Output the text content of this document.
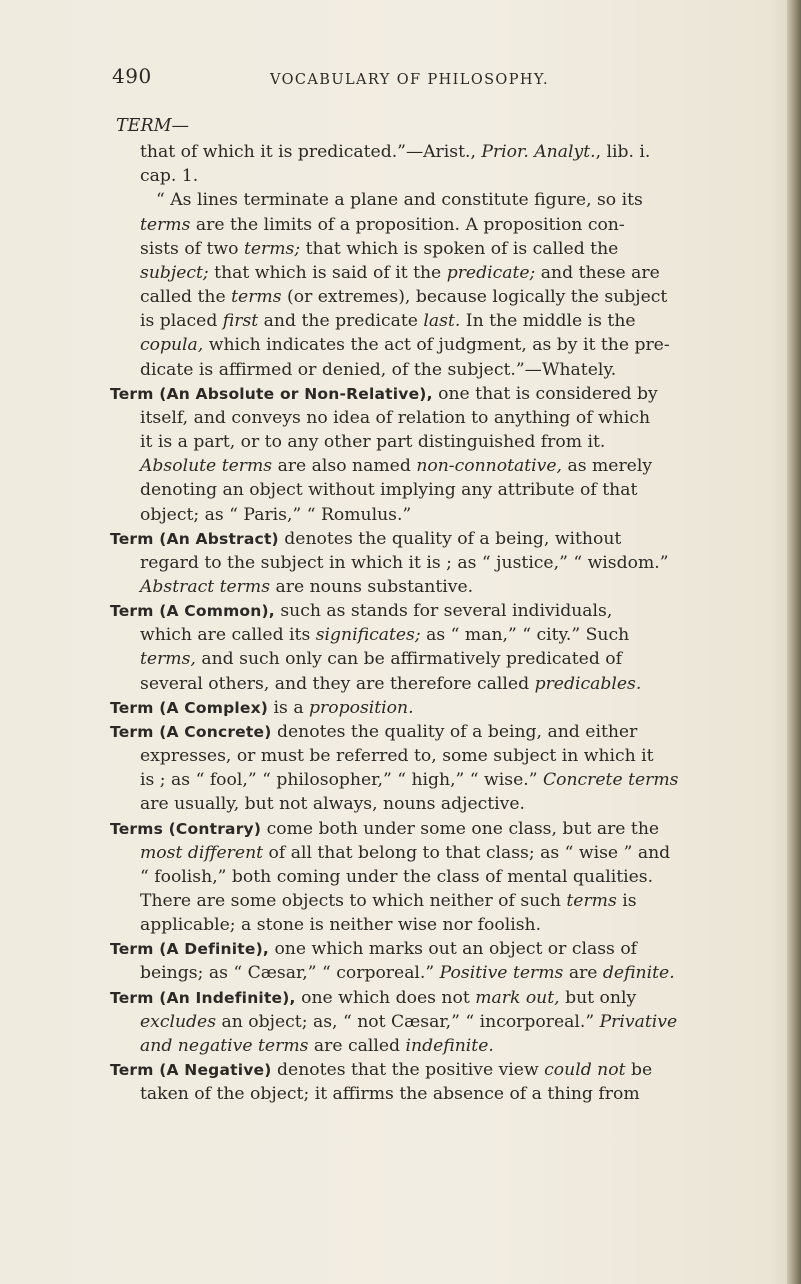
490	VOCABULARY OF PHILOSOPHY.
TERM—
that of which it is predicated.”—Arist., Prior. Analyt., lib. i.
cap. 1.
“ As lines terminate a plane and constitute figure, so its
terms are the limits of a proposition. A proposition con-
sists of two terms; that which is spoken of is called the
subject; that which is said of it the predicate; and these are
called the terms (or extremes), because logically the subject
is placed first and the predicate last. In the middle is the
copula, which indicates the act of judgment, as by it the pre-
dicate is affirmed or denied, of the subject.”—Whately.
Term (An Absolute or Non-Relative), one that is considered by
itself, and conveys no idea of relation to anything of which
it is a part, or to any other part distinguished from it.
Absolute terms are also named non-connotative, as merely
denoting an object without implying any attribute of that
object; as “ Paris,” “ Romulus.”
Term (An Abstract) denotes the quality of a being, without
regard to the subject in which it is ; as “ justice,” “ wisdom.”
Abstract terms are nouns substantive.
Term (A Common), such as stands for several individuals,
which are called its significates; as “ man,” “ city.” Such
terms, and such only can be affirmatively predicated of
several others, and they are therefore called predicables.
Term (A Complex) is a proposition.
Term (A Concrete) denotes the quality of a being, and either
expresses, or must be referred to, some subject in which it
is ; as “ fool,” “ philosopher,” “ high,” “ wise.” Concrete terms
are usually, but not always, nouns adjective.
Terms (Contrary) come both under some one class, but are the
most different of all that belong to that class; as “ wise ” and
“ foolish,” both coming under the class of mental qualities.
There are some objects to which neither of such terms is
applicable; a stone is neither wise nor foolish.
Term (A Definite), one which marks out an object or class of
beings; as “ Cæsar,” “ corporeal.” Positive terms are definite.
Term (An Indefinite), one which does not mark out, but only
excludes an object; as, “ not Cæsar,” “ incorporeal.” Privative
and negative terms are called indefinite.
Term (A Negative) denotes that the positive view could not be
taken of the object; it affirms the absence of a thing from
